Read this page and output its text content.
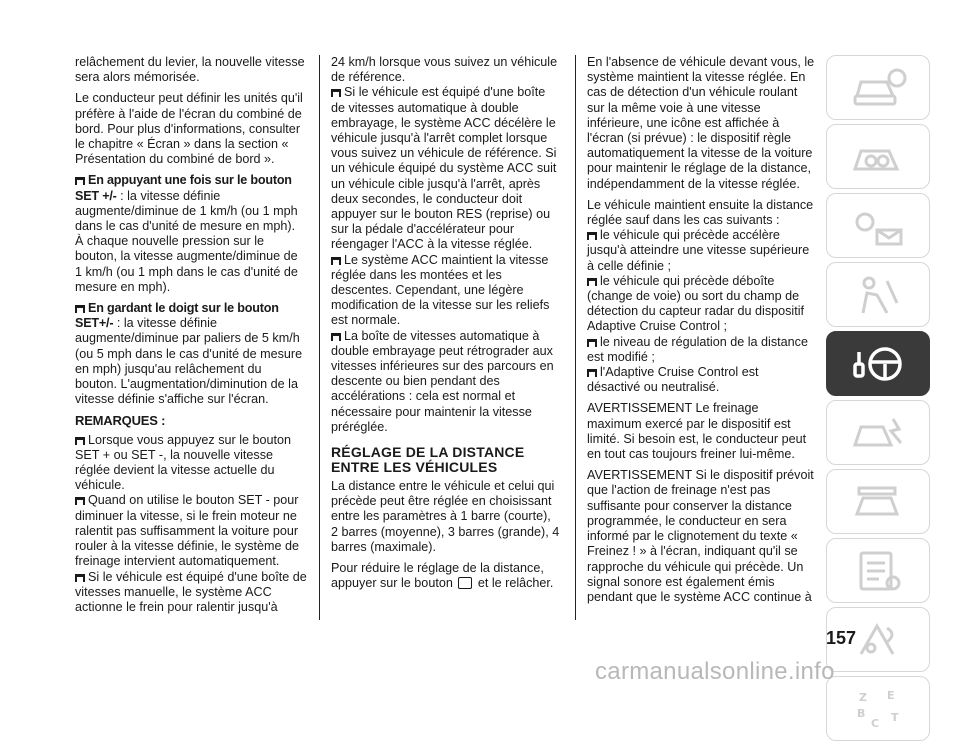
relâchement du levier, la nouvelle vitesse sera alors mémorisée.

Le conducteur peut définir les unités qu'il préfère à l'aide de l'écran du combiné de bord. Pour plus d'informations, consulter le chapitre « Écran » dans la section « Présentation du combiné de bord ».

En appuyant une fois sur le bouton SET +/- : la vitesse définie augmente/diminue de 1 km/h (ou 1 mph dans le cas d'unité de mesure en mph). À chaque nouvelle pression sur le bouton, la vitesse augmente/diminue de 1 km/h (ou 1 mph dans le cas d'unité de mesure en mph).

En gardant le doigt sur le bouton SET+/- : la vitesse définie augmente/diminue par paliers de 5 km/h (ou 5 mph dans le cas d'unité de mesure en mph) jusqu'au relâchement du bouton. L'augmentation/diminution de la vitesse définie s'affiche sur l'écran.

REMARQUES :

Lorsque vous appuyez sur le bouton SET + ou SET -, la nouvelle vitesse réglée devient la vitesse actuelle du véhicule.

Quand on utilise le bouton SET - pour diminuer la vitesse, si le frein moteur ne ralentit pas suffisamment la voiture pour rouler à la vitesse définie, le système de freinage intervient automatiquement.

Si le véhicule est équipé d'une boîte de vitesses manuelle, le système ACC actionne le frein pour ralentir jusqu'à

24 km/h lorsque vous suivez un véhicule de référence.

Si le véhicule est équipé d'une boîte de vitesses automatique à double embrayage, le système ACC décélère le véhicule jusqu'à l'arrêt complet lorsque vous suivez un véhicule de référence. Si un véhicule équipé du système ACC suit un véhicule cible jusqu'à l'arrêt, après deux secondes, le conducteur doit appuyer sur le bouton RES (reprise) ou sur la pédale d'accélérateur pour réengager l'ACC à la vitesse réglée.

Le système ACC maintient la vitesse réglée dans les montées et les descentes. Cependant, une légère modification de la vitesse sur les reliefs est normale.

La boîte de vitesses automatique à double embrayage peut rétrograder aux vitesses inférieures sur des parcours en descente ou bien pendant des accélérations : cela est normal et nécessaire pour maintenir la vitesse préréglée.

RÉGLAGE DE LA DISTANCE ENTRE LES VÉHICULES

La distance entre le véhicule et celui qui précède peut être réglée en choisissant entre les paramètres à 1 barre (courte), 2 barres (moyenne), 3 barres (grande), 4 barres (maximale).

Pour réduire le réglage de la distance, appuyer sur le bouton et le relâcher.

En l'absence de véhicule devant vous, le système maintient la vitesse réglée. En cas de détection d'un véhicule roulant sur la même voie à une vitesse inférieure, une icône est affichée à l'écran (si prévue) : le dispositif règle automatiquement la vitesse de la voiture pour maintenir le réglage de la distance, indépendamment de la vitesse réglée.

Le véhicule maintient ensuite la distance réglée sauf dans les cas suivants :

le véhicule qui précède accélère jusqu'à atteindre une vitesse supérieure à celle définie ;

le véhicule qui précède déboîte (change de voie) ou sort du champ de détection du capteur radar du dispositif Adaptive Cruise Control ;

le niveau de régulation de la distance est modifié ;

l'Adaptive Cruise Control est désactivé ou neutralisé.

AVERTISSEMENT Le freinage maximum exercé par le dispositif est limité. Si besoin est, le conducteur peut en tout cas toujours freiner lui-même.

AVERTISSEMENT Si le dispositif prévoit que l'action de freinage n'est pas suffisante pour conserver la distance programmée, le conducteur en sera informé par le clignotement du texte « Freinez ! » à l'écran, indiquant qu'il se rapproche du véhicule qui précède. Un signal sonore est également émis pendant que le système ACC continue à

Z E
B
C T
157
carmanualsonline.info
